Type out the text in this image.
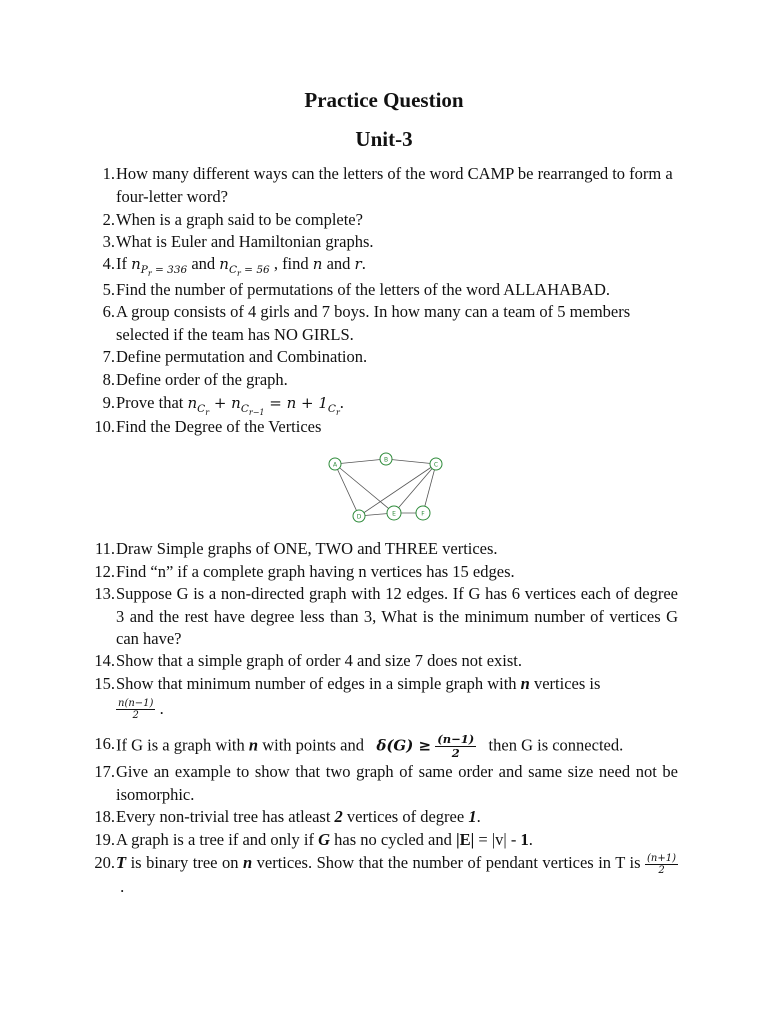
Practice Question
Unit-3
1. How many different ways can the letters of the word CAMP be rearranged to form a four-letter word?
2. When is a graph said to be complete?
3. What is Euler and Hamiltonian graphs.
4. If $n_{P_r = 336}$ and $n_{C_r = 56}$ , find n and r.
5. Find the number of permutations of the letters of the word ALLAHABAD.
6. A group consists of 4 girls and 7 boys. In how many can a team of 5 members selected if the team has NO GIRLS.
7. Define permutation and Combination.
8. Define order of the graph.
9. Prove that $n_{C_r} + n_{C_{r-1}} = n + 1_{C_r}$.
10. Find the Degree of the Vertices
A
B
C
D	E	F
11. Draw Simple graphs of ONE, TWO and THREE vertices.
12. Find “n” if a complete graph having n vertices has 15 edges.
13. Suppose G is a non-directed graph with 12 edges. If G has 6 vertices each of degree 3 and the rest have degree less than 3, What is the minimum number of vertices G can have?
14. Show that a simple graph of order 4 and size 7 does not exist.
15. Show that minimum number of edges in a simple graph with n vertices is
$\frac{n(n-1)}{2}$ .
16. If G is a graph with n with points and $\delta(G) \ge \frac{(n-1)}{2}$ then G is connected.
17. Give an example to show that two graph of same order and same size need not be isomorphic.
18. Every non-trivial tree has atleast 2 vertices of degree 1.
19. A graph is a tree if and only if G has no cycled and |E| = |v| - 1.
20. T is binary tree on n vertices. Show that the number of pendant vertices in T is $\frac{(n+1)}{2}$
.
